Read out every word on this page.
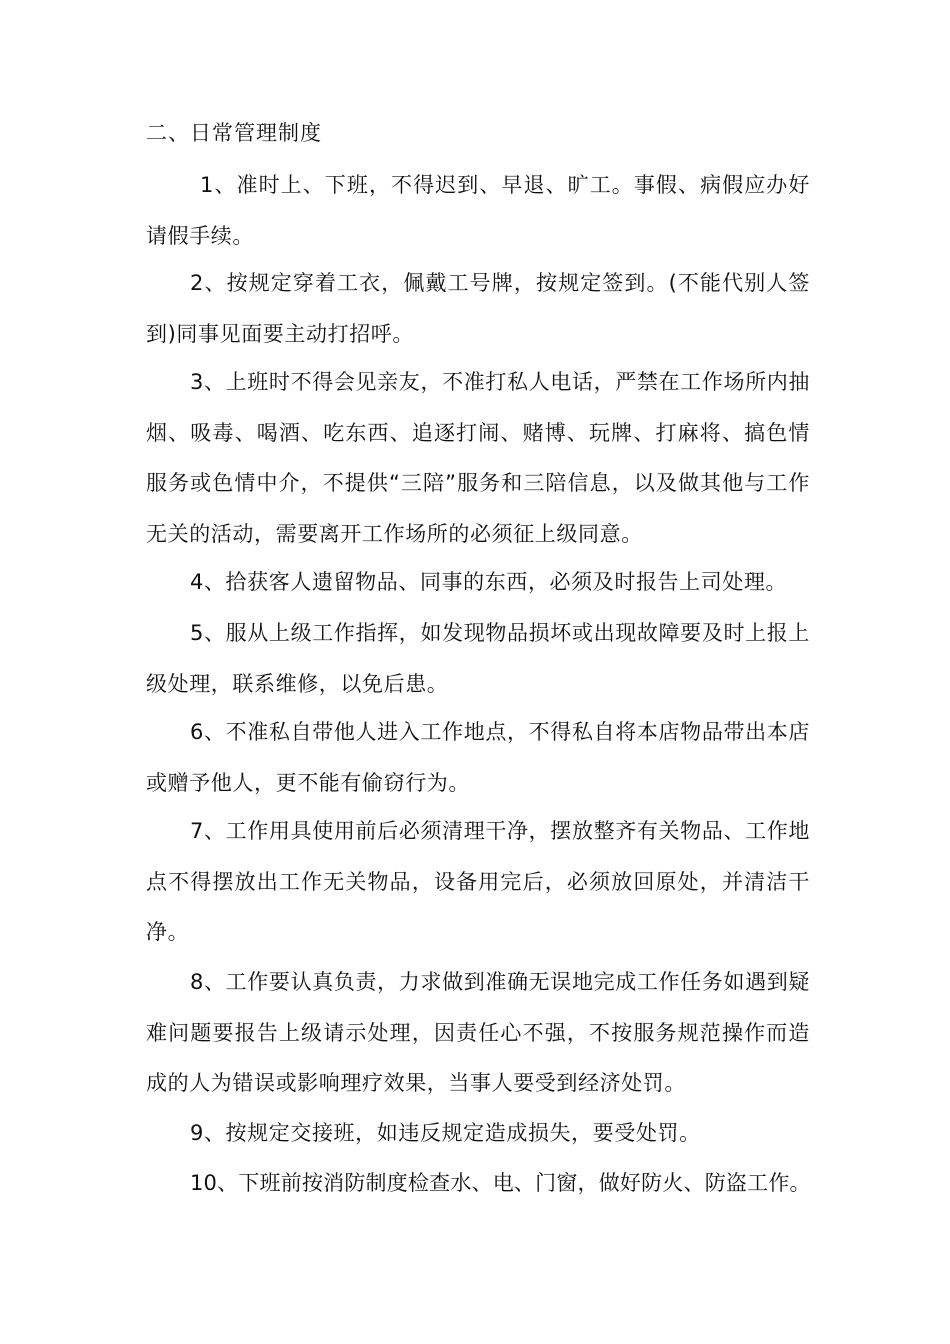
二、日常管理制度

1、准时上、下班，不得迟到、早退、旷工。事假、病假应办好请假手续。

2、按规定穿着工衣，佩戴工号牌，按规定签到。(不能代别人签到)同事见面要主动打招呼。

3、上班时不得会见亲友，不准打私人电话，严禁在工作场所内抽烟、吸毒、喝酒、吃东西、追逐打闹、赌博、玩牌、打麻将、搞色情服务或色情中介，不提供“三陪”服务和三陪信息，以及做其他与工作无关的活动，需要离开工作场所的必须征上级同意。

4、拾获客人遗留物品、同事的东西，必须及时报告上司处理。

5、服从上级工作指挥，如发现物品损坏或出现故障要及时上报上级处理，联系维修，以免后患。

6、不准私自带他人进入工作地点，不得私自将本店物品带出本店或赠予他人，更不能有偷窃行为。

7、工作用具使用前后必须清理干净，摆放整齐有关物品、工作地点不得摆放出工作无关物品，设备用完后，必须放回原处，并清洁干净。

8、工作要认真负责，力求做到准确无误地完成工作任务如遇到疑难问题要报告上级请示处理，因责任心不强，不按服务规范操作而造成的人为错误或影响理疗效果，当事人要受到经济处罚。

9、按规定交接班，如违反规定造成损失，要受处罚。

10、下班前按消防制度检查水、电、门窗，做好防火、防盗工作。
